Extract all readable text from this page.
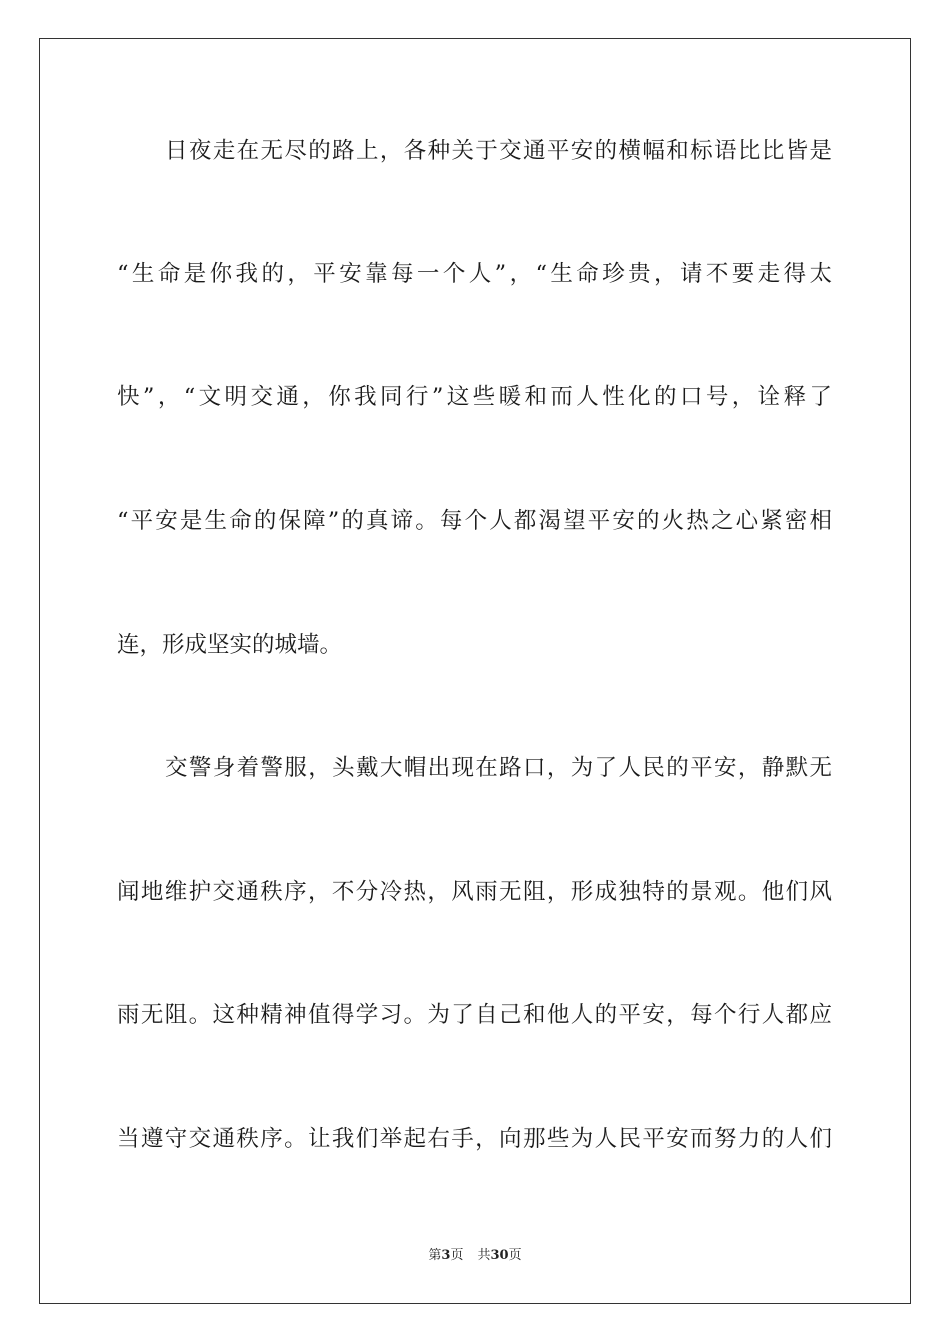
日夜走在无尽的路上，各种关于交通平安的横幅和标语比比皆是
“生命是你我的，平安靠每一个人”，“生命珍贵，请不要走得太
快”，“文明交通，你我同行”这些暖和而人性化的口号，诠释了
“平安是生命的保障”的真谛。每个人都渴望平安的火热之心紧密相
连，形成坚实的城墙。
交警身着警服，头戴大帽出现在路口，为了人民的平安，静默无
闻地维护交通秩序，不分冷热，风雨无阻，形成独特的景观。他们风
雨无阻。这种精神值得学习。为了自己和他人的平安，每个行人都应
当遵守交通秩序。让我们举起右手，向那些为人民平安而努力的人们
第3页 共30页
